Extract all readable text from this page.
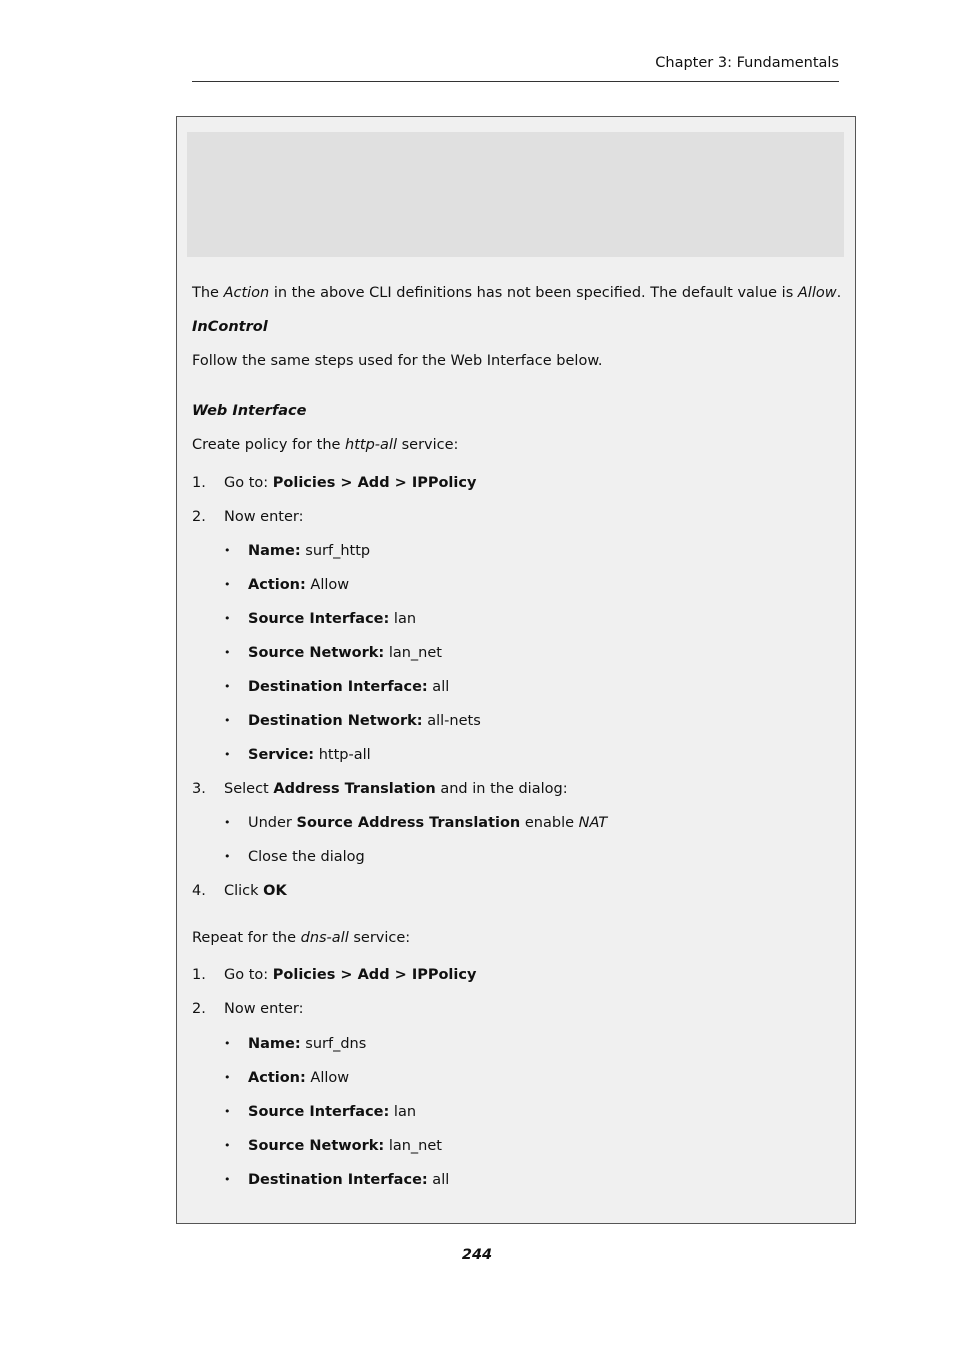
Chapter 3: Fundamentals
The Action in the above CLI definitions has not been specified. The default value is Allow.
InControl
Follow the same steps used for the Web Interface below.
Web Interface
Create policy for the http-all service:
1. Go to: Policies > Add > IPPolicy
2. Now enter:
• Name: surf_http
• Action: Allow
• Source Interface: lan
• Source Network: lan_net
• Destination Interface: all
• Destination Network: all-nets
• Service: http-all
3. Select Address Translation and in the dialog:
• Under Source Address Translation enable NAT
• Close the dialog
4. Click OK
Repeat for the dns-all service:
1. Go to: Policies > Add > IPPolicy
2. Now enter:
• Name: surf_dns
• Action: Allow
• Source Interface: lan
• Source Network: lan_net
• Destination Interface: all
244
